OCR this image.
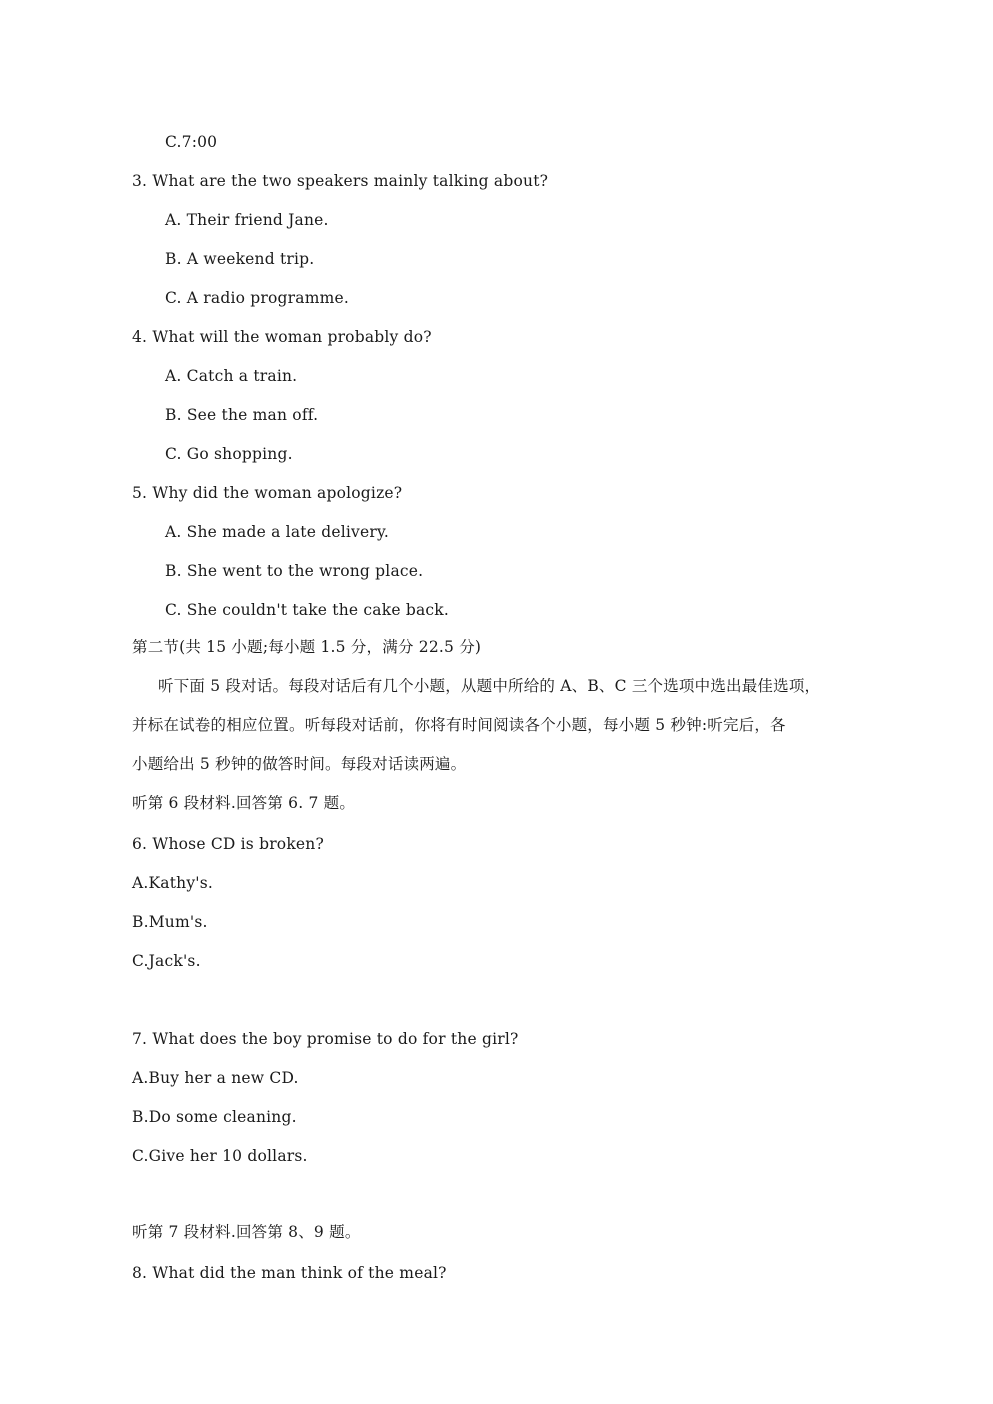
C.7:00
3. What are the two speakers mainly talking about?
A. Their friend Jane.
B. A weekend trip.
C. A radio programme.
4. What will the woman probably do?
A. Catch a train.
B. See the man off.
C. Go shopping.
5. Why did the woman apologize?
A. She made a late delivery.
B. She went to the wrong place.
C. She couldn't take the cake back.
第二节(共 15 小题;每小题 1.5 分，满分 22.5 分)
听下面 5 段对话。每段对话后有几个小题，从题中所给的 A、B、C 三个选项中选出最佳选项，
并标在试卷的相应位置。听每段对话前，你将有时间阅读各个小题，每小题 5 秒钟:听完后，各
小题给出 5 秒钟的做答时间。每段对话读两遍。
听第 6 段材料.回答第 6. 7 题。
6. Whose CD is broken?
A.Kathy's.
B.Mum's.
C.Jack's.
7. What does the boy promise to do for the girl?
A.Buy her a new CD.
B.Do some cleaning.
C.Give her 10 dollars.
听第 7 段材料.回答第 8、9 题。
8. What did the man think of the meal?
